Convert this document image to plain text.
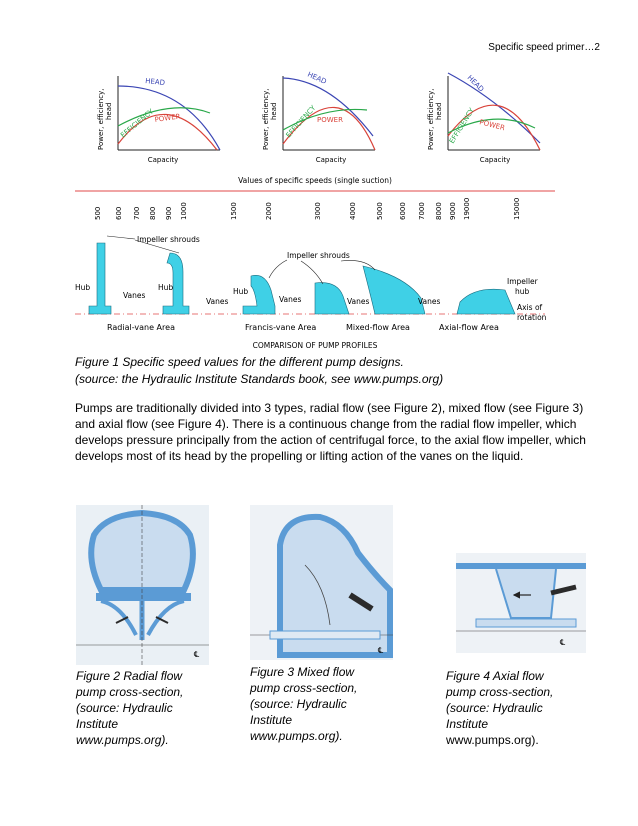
Specific speed primer…2
HEAD
EFFICIENCY POWER
Capacity
Power, efficiency, head
HEAD
EFFICIENCY POWER
Capacity
Power, efficiency, head
HEAD
EFFICIENCY POWER
Capacity
Power, efficiency, head
Values of specific speeds (single suction)
500 600 700 800 900 1000	1500	2000	3000	4000	5000 6000 7000 8000 9000 19000	15000
Impeller shrouds
Impeller shrouds
Hub	Hub	Hub
Vanes
Vanes	Vanes	Vanes	Vanes
Impeller
hub
Axis of
rotation
Radial-vane Area	Francis-vane Area	Mixed-flow Area	Axial-flow Area
COMPARISON OF PUMP PROFILES
Figure 1 Specific speed values for the different pump designs.
(source: the Hydraulic Institute Standards book, see www.pumps.org)
Pumps are traditionally divided into 3 types, radial flow (see Figure 2), mixed flow (see Figure 3) and axial flow (see Figure 4). There is a continuous change from the radial flow impeller, which develops pressure principally from the action of centrifugal force, to the axial flow impeller, which develops most of its head by the propelling or lifting action of the vanes on the liquid.
℄
Figure 2 Radial flow
pump cross-section,
(source: Hydraulic
Institute
www.pumps.org).
℄
Figure 3 Mixed flow
pump cross-section,
(source: Hydraulic
Institute
www.pumps.org).
℄
Figure 4 Axial flow
pump cross-section,
(source: Hydraulic
Institute
www.pumps.org).
